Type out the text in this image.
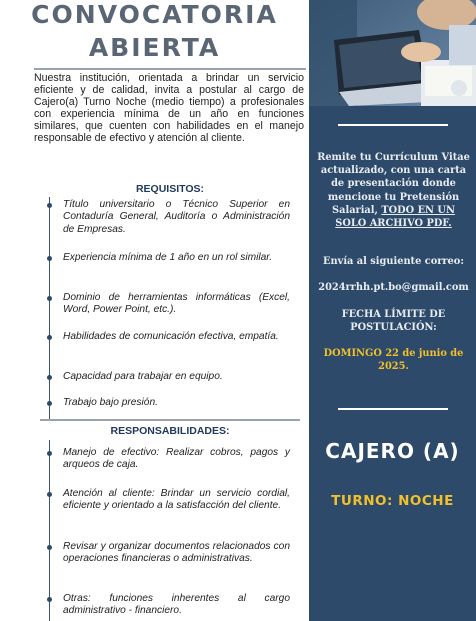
CONVOCATORIA
ABIERTA
Nuestra institución, orientada a brindar un servicio eficiente y de calidad, invita a postular al cargo de Cajero(a) Turno Noche (medio tiempo) a profesionales con experiencia mínima de un año en funciones similares, que cuenten con habilidades en el manejo responsable de efectivo y atención al cliente.
REQUISITOS:
Título universitario o Técnico Superior en Contaduría General, Auditoría o Administración de Empresas.
Experiencia mínima de 1 año en un rol similar.
Dominio de herramientas informáticas (Excel, Word, Power Point, etc.).
Habilidades de comunicación efectiva, empatía.
Capacidad para trabajar en equipo.
Trabajo bajo presión.
RESPONSABILIDADES:
Manejo de efectivo: Realizar cobros, pagos y arqueos de caja.
Atención al cliente: Brindar un servicio cordial, eficiente y orientado a la satisfacción del cliente.
Revisar y organizar documentos relacionados con operaciones financieras o administrativas.
Otras: funciones inherentes al cargo administrativo - financiero.
Remite tu Currículum Vitae actualizado, con una carta de presentación donde mencione tu Pretensión Salarial, TODO EN UN SOLO ARCHIVO PDF.
Envía al siguiente correo:
2024rrhh.pt.bo@gmail.com
FECHA LÍMITE DE POSTULACIÓN:
DOMINGO 22 de junio de 2025.
CAJERO (A)
TURNO: NOCHE
